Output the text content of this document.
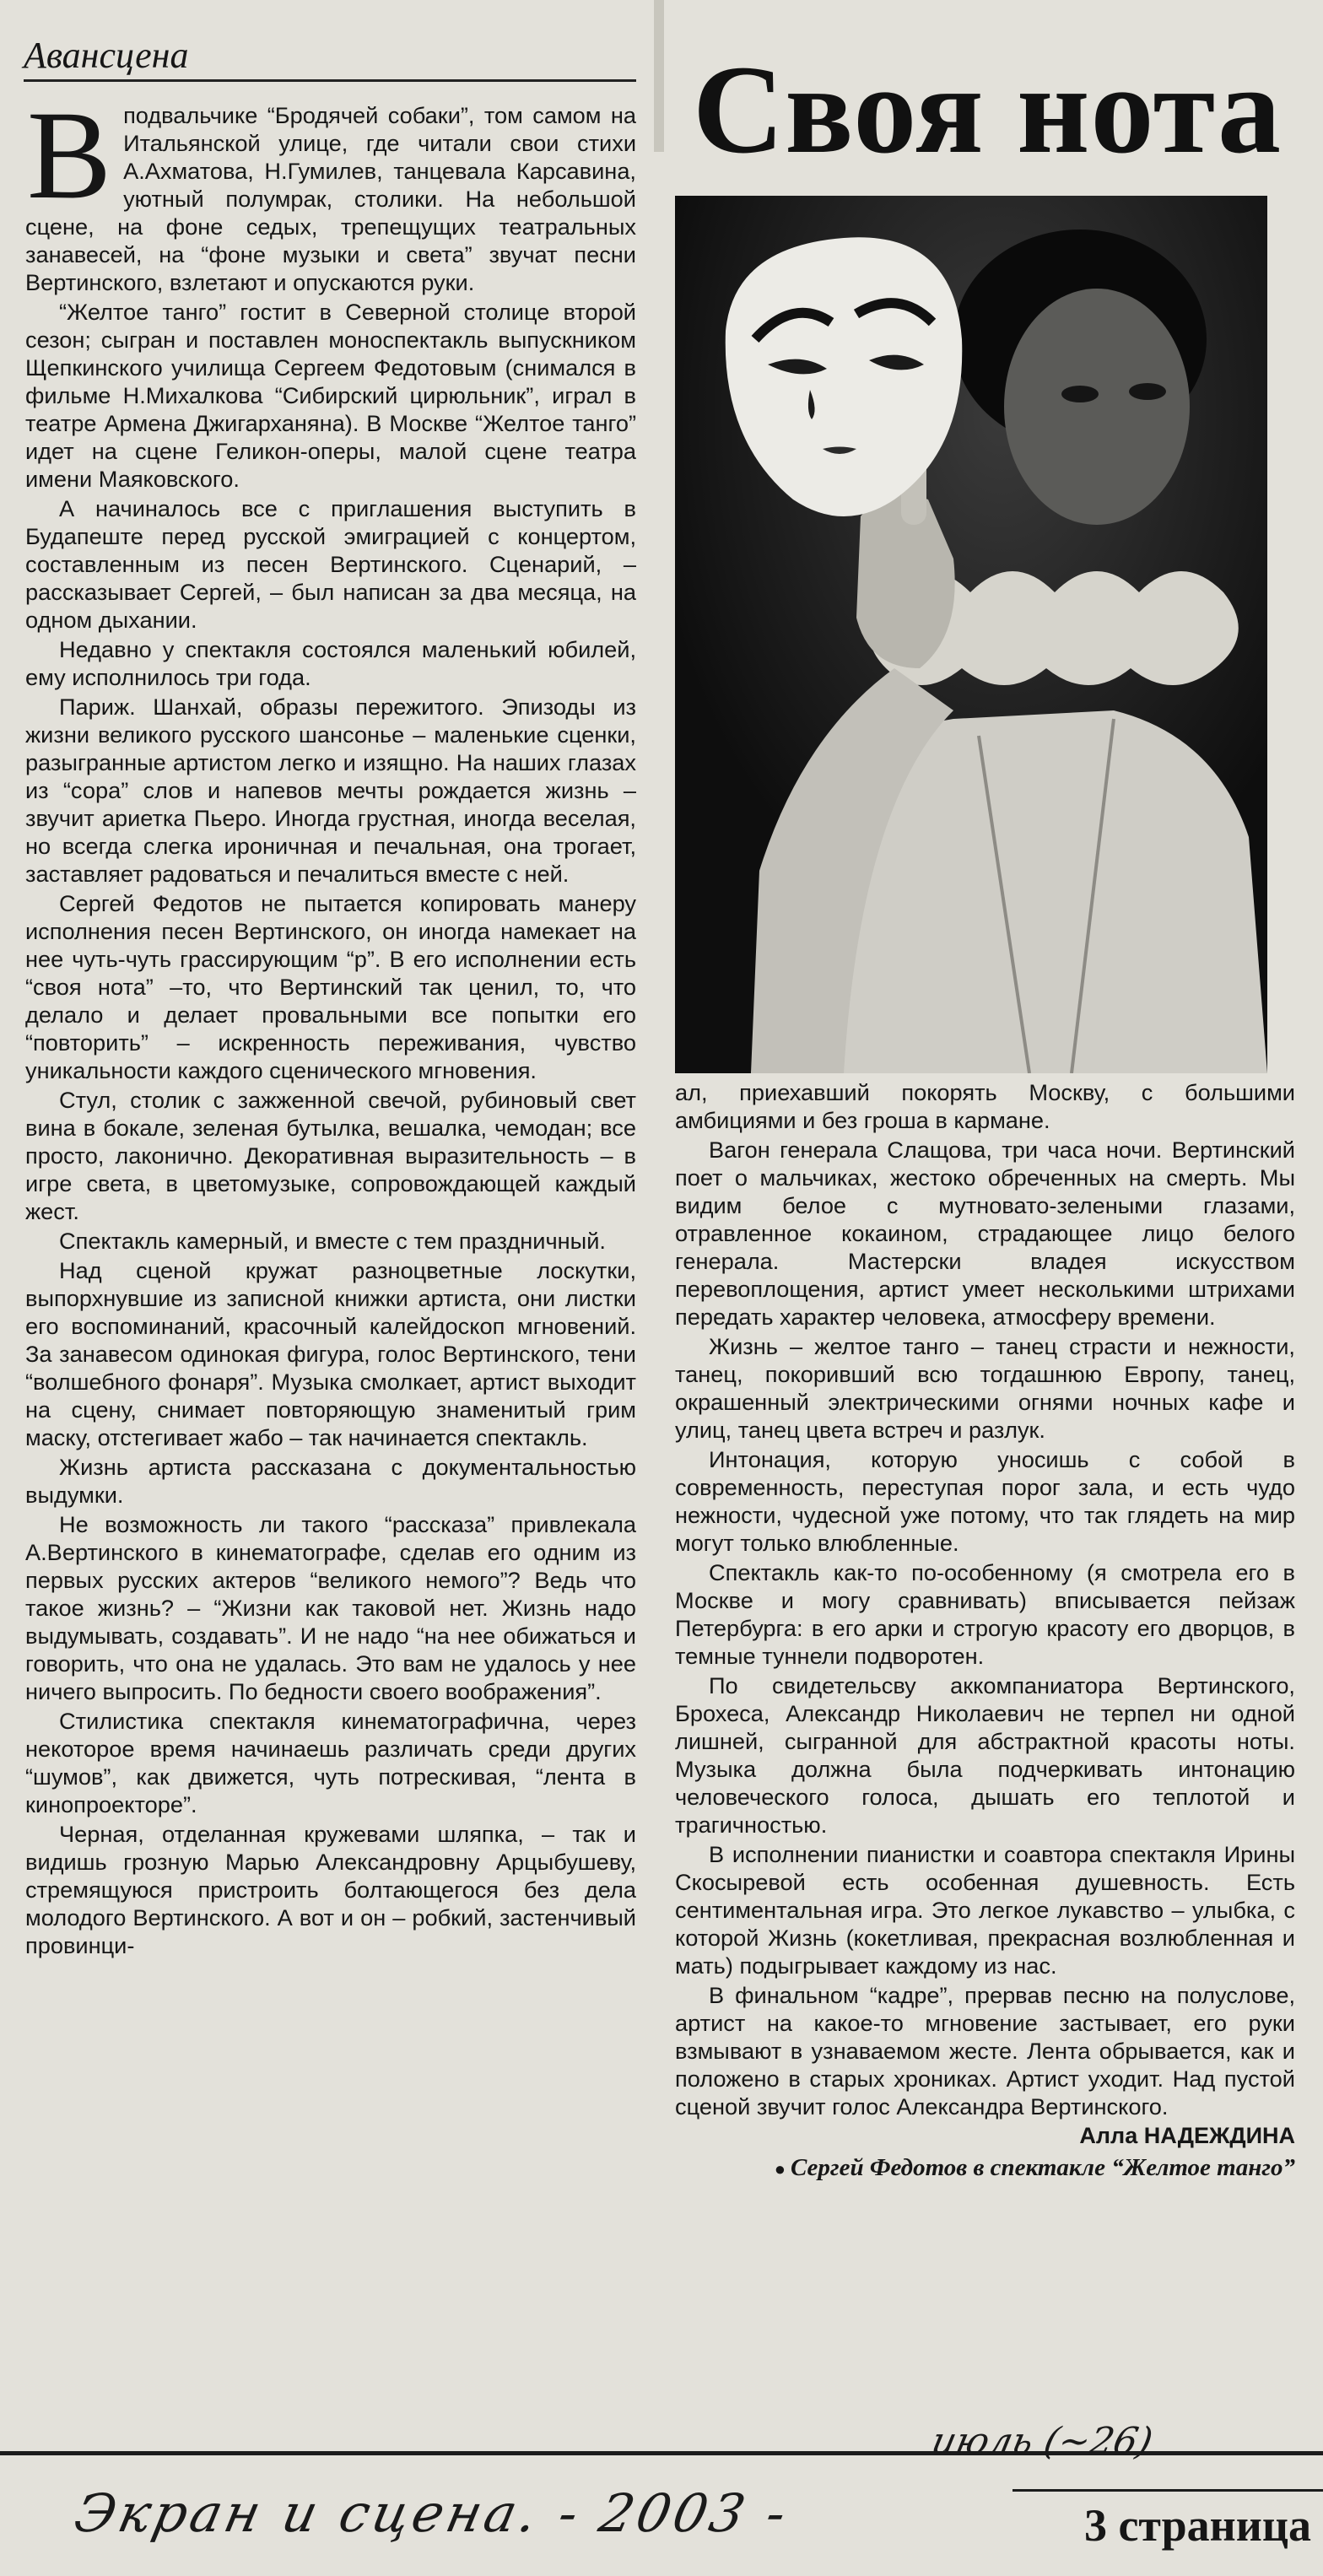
Авансцена	Своя нота

Вподвальчике “Бродячей собаки”, том самом на Итальянской улице, где читали свои стихи А.Ахматова, Н.Гумилев, танцевала Карсавина, уютный полумрак, столики. На небольшой сцене, на фоне седых, трепещущих театральных занавесей, на “фоне музыки и света” звучат песни Вертинского, взлетают и опускаются руки.

“Желтое танго” гостит в Северной столице второй сезон; сыгран и поставлен моноспектакль выпускником Щепкинского училища Сергеем Федотовым (снимался в фильме Н.Михалкова “Сибирский цирюльник”, играл в театре Армена Джигарханяна). В Москве “Желтое танго” идет на сцене Геликон-оперы, малой сцене театра имени Маяковского.

А начиналось все с приглашения выступить в Будапеште перед русской эмиграцией с концертом, составленным из песен Вертинского. Сценарий, – рассказывает Сергей, – был написан за два месяца, на одном дыхании.

Недавно у спектакля состоялся маленький юбилей, ему исполнилось три года.

Париж. Шанхай, образы пережитого. Эпизоды из жизни великого русского шансонье – маленькие сценки, разыгранные артистом легко и изящно. На наших глазах из “сора” слов и напевов мечты рождается жизнь – звучит ариетка Пьеро. Иногда грустная, иногда веселая, но всегда слегка ироничная и печальная, она трогает, заставляет радоваться и печалиться вместе с ней.

Сергей Федотов не пытается копировать манеру исполнения песен Вертинского, он иногда намекает на нее чуть-чуть грассирующим “р”. В его исполнении есть “своя нота” –то, что Вертинский так ценил, то, что делало и делает провальными все попытки его “повторить” – искренность переживания, чувство уникальности каждого сценического мгновения.

Стул, столик с зажженной свечой, рубиновый свет вина в бокале, зеленая бутылка, вешалка, чемодан; все просто, лаконично. Декоративная выразительность – в игре света, в цветомузыке, сопровождающей каждый жест.

Спектакль камерный, и вместе с тем праздничный.

Над сценой кружат разноцветные лоскутки, выпорхнувшие из записной книжки артиста, они листки его воспоминаний, красочный калейдоскоп мгновений. За занавесом одинокая фигура, голос Вертинского, тени “волшебного фонаря”. Музыка смолкает, артист выходит на сцену, снимает повторяющую знаменитый грим маску, отстегивает жабо – так начинается спектакль.

Жизнь артиста рассказана с документальностью выдумки.

Не возможность ли такого “рассказа” привлекала А.Вертинского в кинематографе, сделав его одним из первых русских актеров “великого немого”? Ведь что такое жизнь? – “Жизни как таковой нет. Жизнь надо выдумывать, создавать”. И не надо “на нее обижаться и говорить, что она не удалась. Это вам не удалось у нее ничего выпросить. По бедности своего воображения”.

Стилистика спектакля кинематографична, через некоторое время начинаешь различать среди других “шумов”, как движется, чуть потрескивая, “лента в кинопроекторе”.

Черная, отделанная кружевами шляпка, – так и видишь грозную Марью Александровну Арцыбушеву, стремящуюся пристроить болтающегося без дела молодого Вертинского. А вот и он – робкий, застенчивый провинци-

ал, приехавший покорять Москву, с большими амбициями и без гроша в кармане.

Вагон генерала Слащова, три часа ночи. Вертинский поет о мальчиках, жестоко обреченных на смерть. Мы видим белое с мутновато-зелеными глазами, отравленное кокаином, страдающее лицо белого генерала. Мастерски владея искусством перевоплощения, артист умеет несколькими штрихами передать характер человека, атмосферу времени.

Жизнь – желтое танго – танец страсти и нежности, танец, покоривший всю тогдашнюю Европу, танец, окрашенный электрическими огнями ночных кафе и улиц, танец цвета встреч и разлук.

Интонация, которую уносишь с собой в современность, переступая порог зала, и есть чудо нежности, чудесной уже потому, что так глядеть на мир могут только влюбленные.

Спектакль как-то по-особенному (я смотрела его в Москве и могу сравнивать) вписывается пейзаж Петербурга: в его арки и строгую красоту его дворцов, в темные туннели подворотен.

По свидетельсву аккомпаниатора Вертинского, Брохеса, Александр Николаевич не терпел ни одной лишней, сыгранной для абстрактной красоты ноты. Музыка должна была подчеркивать интонацию человеческого голоса, дышать его теплотой и трагичностью.

В исполнении пианистки и соавтора спектакля Ирины Скосыревой есть особенная душевность. Есть сентиментальная игра. Это легкое лукавство – улыбка, с которой Жизнь (кокетливая, прекрасная возлюбленная и мать) подыгрывает каждому из нас.

В финальном “кадре”, прервав песню на полуслове, артист на какое-то мгновение застывает, его руки взмывают в узнаваемом жесте. Лента обрывается, как и положено в старых хрониках. Артист уходит. Над пустой сценой звучит голос Александра Вертинского.

Алла НАДЕЖДИНА
● Сергей Федотов в спектакле “Желтое танго”
июль (~26)
Экран и сцена. - 2003 -	3 страница
